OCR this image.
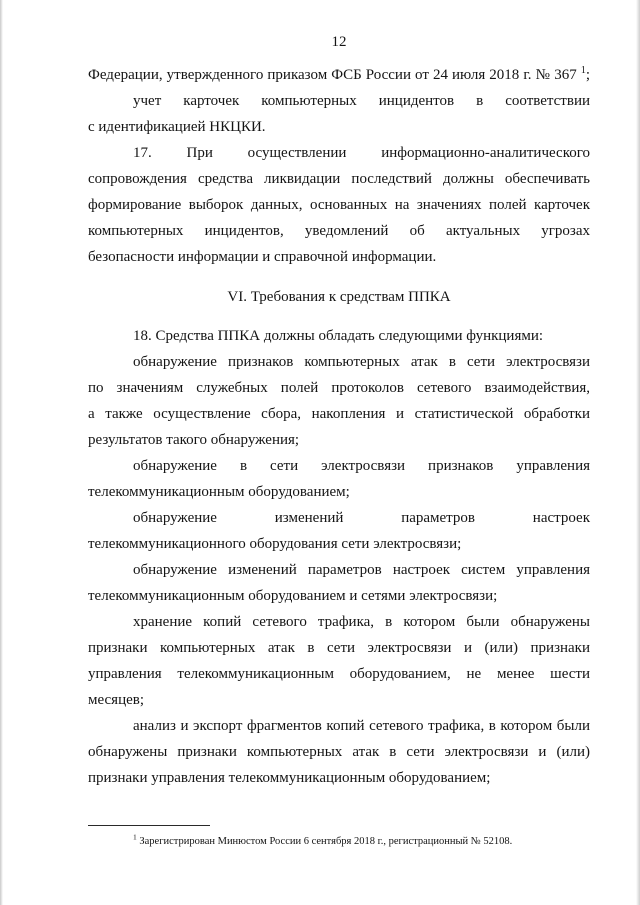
12
Федерации, утвержденного приказом ФСБ России от 24 июля 2018 г. № 367 $^1$;
учет карточек компьютерных инцидентов в соответствии
с идентификацией НКЦКИ.
17. При осуществлении информационно-аналитического
сопровождения средства ликвидации последствий должны обеспечивать
формирование выборок данных, основанных на значениях полей карточек
компьютерных инцидентов, уведомлений об актуальных угрозах
безопасности информации и справочной информации.
VI. Требования к средствам ППКА
18. Средства ППКА должны обладать следующими функциями:
обнаружение признаков компьютерных атак в сети электросвязи
по значениям служебных полей протоколов сетевого взаимодействия,
а также осуществление сбора, накопления и статистической обработки
результатов такого обнаружения;
обнаружение в сети электросвязи признаков управления
телекоммуникационным оборудованием;
обнаружение изменений параметров настроек
телекоммуникационного оборудования сети электросвязи;
обнаружение изменений параметров настроек систем управления
телекоммуникационным оборудованием и сетями электросвязи;
хранение копий сетевого трафика, в котором были обнаружены
признаки компьютерных атак в сети электросвязи и (или) признаки
управления телекоммуникационным оборудованием, не менее шести
месяцев;
анализ и экспорт фрагментов копий сетевого трафика, в котором были
обнаружены признаки компьютерных атак в сети электросвязи и (или)
признаки управления телекоммуникационным оборудованием;
$^1$ Зарегистрирован Минюстом России 6 сентября 2018 г., регистрационный № 52108.
